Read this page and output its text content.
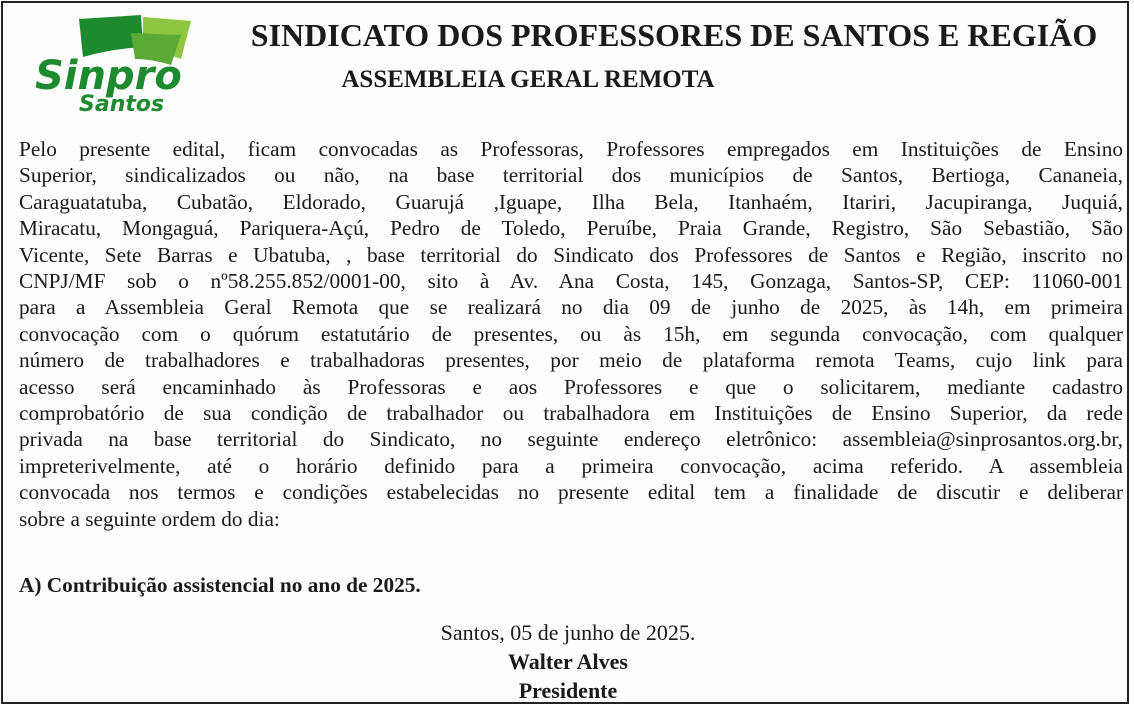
Sinpro
Santos
SINDICATO DOS PROFESSORES DE SANTOS E REGIÃO
ASSEMBLEIA GERAL REMOTA
Pelo presente edital, ficam convocadas as Professoras, Professores empregados em Instituições de Ensino
Superior, sindicalizados ou não, na base territorial dos municípios de Santos, Bertioga, Cananeia,
Caraguatatuba, Cubatão, Eldorado, Guarujá ,Iguape, Ilha Bela, Itanhaém, Itariri, Jacupiranga, Juquiá,
Miracatu, Mongaguá, Pariquera-Açú, Pedro de Toledo, Peruíbe, Praia Grande, Registro, São Sebastião, São
Vicente, Sete Barras e Ubatuba, , base territorial do Sindicato dos Professores de Santos e Região, inscrito no
CNPJ/MF sob o nº58.255.852/0001-00, sito à Av. Ana Costa, 145, Gonzaga, Santos-SP, CEP: 11060-001
para a Assembleia Geral Remota que se realizará no dia 09 de junho de 2025, às 14h, em primeira
convocação com o quórum estatutário de presentes, ou às 15h, em segunda convocação, com qualquer
número de trabalhadores e trabalhadoras presentes, por meio de plataforma remota Teams, cujo link para
acesso será encaminhado às Professoras e aos Professores e que o solicitarem, mediante cadastro
comprobatório de sua condição de trabalhador ou trabalhadora em Instituições de Ensino Superior, da rede
privada na base territorial do Sindicato, no seguinte endereço eletrônico: assembleia@sinprosantos.org.br,
impreterivelmente, até o horário definido para a primeira convocação, acima referido. A assembleia
convocada nos termos e condições estabelecidas no presente edital tem a finalidade de discutir e deliberar
sobre a seguinte ordem do dia:
A) Contribuição assistencial no ano de 2025.
Santos, 05 de junho de 2025.
Walter Alves
Presidente
